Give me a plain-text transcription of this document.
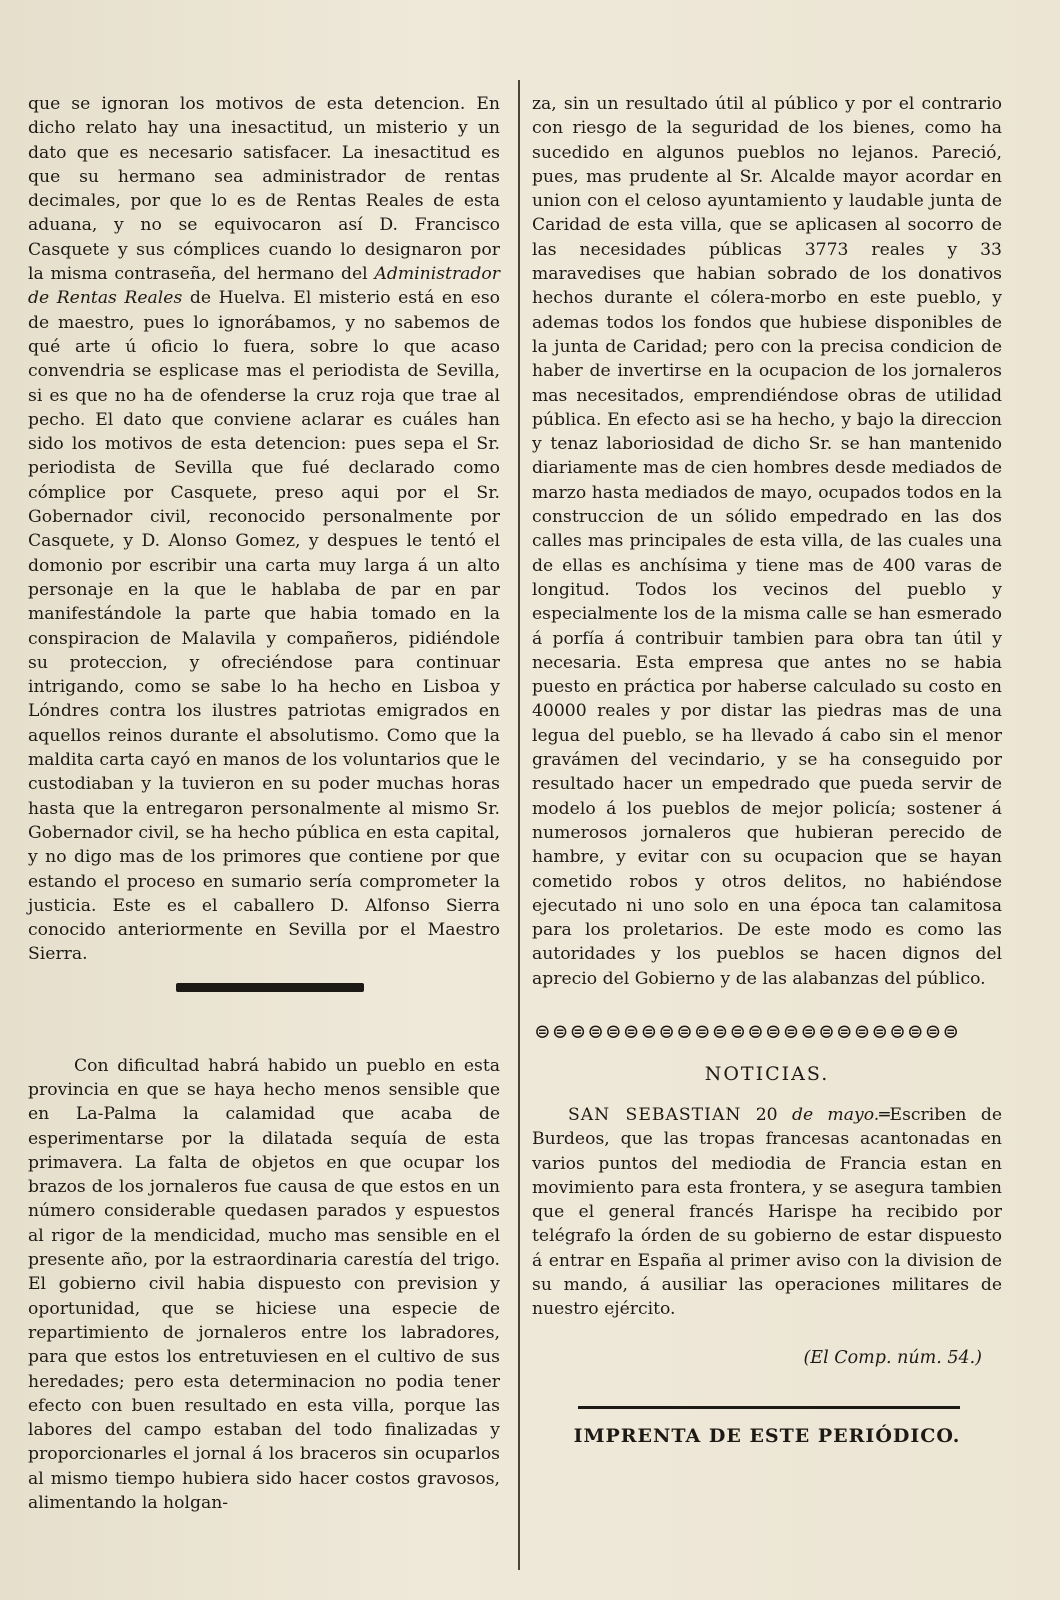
que se ignoran los motivos de esta detencion. En dicho relato hay una inesactitud, un misterio y un dato que es necesario satisfacer. La inesactitud es que su hermano sea administrador de rentas decimales, por que lo es de Rentas Reales de esta aduana, y no se equivocaron así D. Francisco Casquete y sus cómplices cuando lo designaron por la misma contraseña, del hermano del Administrador de Rentas Reales de Huelva. El misterio está en eso de maestro, pues lo ignorábamos, y no sabemos de qué arte ú oficio lo fuera, sobre lo que acaso convendria se esplicase mas el periodista de Sevilla, si es que no ha de ofenderse la cruz roja que trae al pecho. El dato que conviene aclarar es cuáles han sido los motivos de esta detencion: pues sepa el Sr. periodista de Sevilla que fué declarado como cómplice por Casquete, preso aqui por el Sr. Gobernador civil, reconocido personalmente por Casquete, y D. Alonso Gomez, y despues le tentó el domonio por escribir una carta muy larga á un alto personaje en la que le hablaba de par en par manifestándole la parte que habia tomado en la conspiracion de Malavila y compañeros, pidiéndole su proteccion, y ofreciéndose para continuar intrigando, como se sabe lo ha hecho en Lisboa y Lóndres contra los ilustres patriotas emigrados en aquellos reinos durante el absolutismo. Como que la maldita carta cayó en manos de los voluntarios que le custodiaban y la tuvieron en su poder muchas horas hasta que la entregaron personalmente al mismo Sr. Gobernador civil, se ha hecho pública en esta capital, y no digo mas de los primores que contiene por que estando el proceso en sumario sería comprometer la justicia. Este es el caballero D. Alfonso Sierra conocido anteriormente en Sevilla por el Maestro Sierra.

Con dificultad habrá habido un pueblo en esta provincia en que se haya hecho menos sensible que en La-Palma la calamidad que acaba de esperimentarse por la dilatada sequía de esta primavera. La falta de objetos en que ocupar los brazos de los jornaleros fue causa de que estos en un número considerable quedasen parados y espuestos al rigor de la mendicidad, mucho mas sensible en el presente año, por la estraordinaria carestía del trigo. El gobierno civil habia dispuesto con prevision y oportunidad, que se hiciese una especie de repartimiento de jornaleros entre los labradores, para que estos los entretuviesen en el cultivo de sus heredades; pero esta determinacion no podia tener efecto con buen resultado en esta villa, porque las labores del campo estaban del todo finalizadas y proporcionarles el jornal á los braceros sin ocuparlos al mismo tiempo hubiera sido hacer costos gravosos, alimentando la holgan-

za, sin un resultado útil al público y por el contrario con riesgo de la seguridad de los bienes, como ha sucedido en algunos pueblos no lejanos. Pareció, pues, mas prudente al Sr. Alcalde mayor acordar en union con el celoso ayuntamiento y laudable junta de Caridad de esta villa, que se aplicasen al socorro de las necesidades públicas 3773 reales y 33 maravedises que habian sobrado de los donativos hechos durante el cólera-morbo en este pueblo, y ademas todos los fondos que hubiese disponibles de la junta de Caridad; pero con la precisa condicion de haber de invertirse en la ocupacion de los jornaleros mas necesitados, emprendiéndose obras de utilidad pública. En efecto asi se ha hecho, y bajo la direccion y tenaz laboriosidad de dicho Sr. se han mantenido diariamente mas de cien hombres desde mediados de marzo hasta mediados de mayo, ocupados todos en la construccion de un sólido empedrado en las dos calles mas principales de esta villa, de las cuales una de ellas es anchísima y tiene mas de 400 varas de longitud. Todos los vecinos del pueblo y especialmente los de la misma calle se han esmerado á porfía á contribuir tambien para obra tan útil y necesaria. Esta empresa que antes no se habia puesto en práctica por haberse calculado su costo en 40000 reales y por distar las piedras mas de una legua del pueblo, se ha llevado á cabo sin el menor gravámen del vecindario, y se ha conseguido por resultado hacer un empedrado que pueda servir de modelo á los pueblos de mejor policía; sostener á numerosos jornaleros que hubieran perecido de hambre, y evitar con su ocupacion que se hayan cometido robos y otros delitos, no habiéndose ejecutado ni uno solo en una época tan calamitosa para los proletarios. De este modo es como las autoridades y los pueblos se hacen dignos del aprecio del Gobierno y de las alabanzas del público.

⊜⊜⊜⊜⊜⊜⊜⊜⊜⊜⊜⊜⊜⊜⊜⊜⊜⊜⊜⊜⊜⊜⊜⊜
NOTICIAS.

SAN SEBASTIAN 20 de mayo.═Escriben de Burdeos, que las tropas francesas acantonadas en varios puntos del mediodia de Francia estan en movimiento para esta frontera, y se asegura tambien que el general francés Harispe ha recibido por telégrafo la órden de su gobierno de estar dispuesto á entrar en España al primer aviso con la division de su mando, á ausiliar las operaciones militares de nuestro ejército.

(El Comp. núm. 54.)
IMPRENTA DE ESTE PERIÓDICO.
